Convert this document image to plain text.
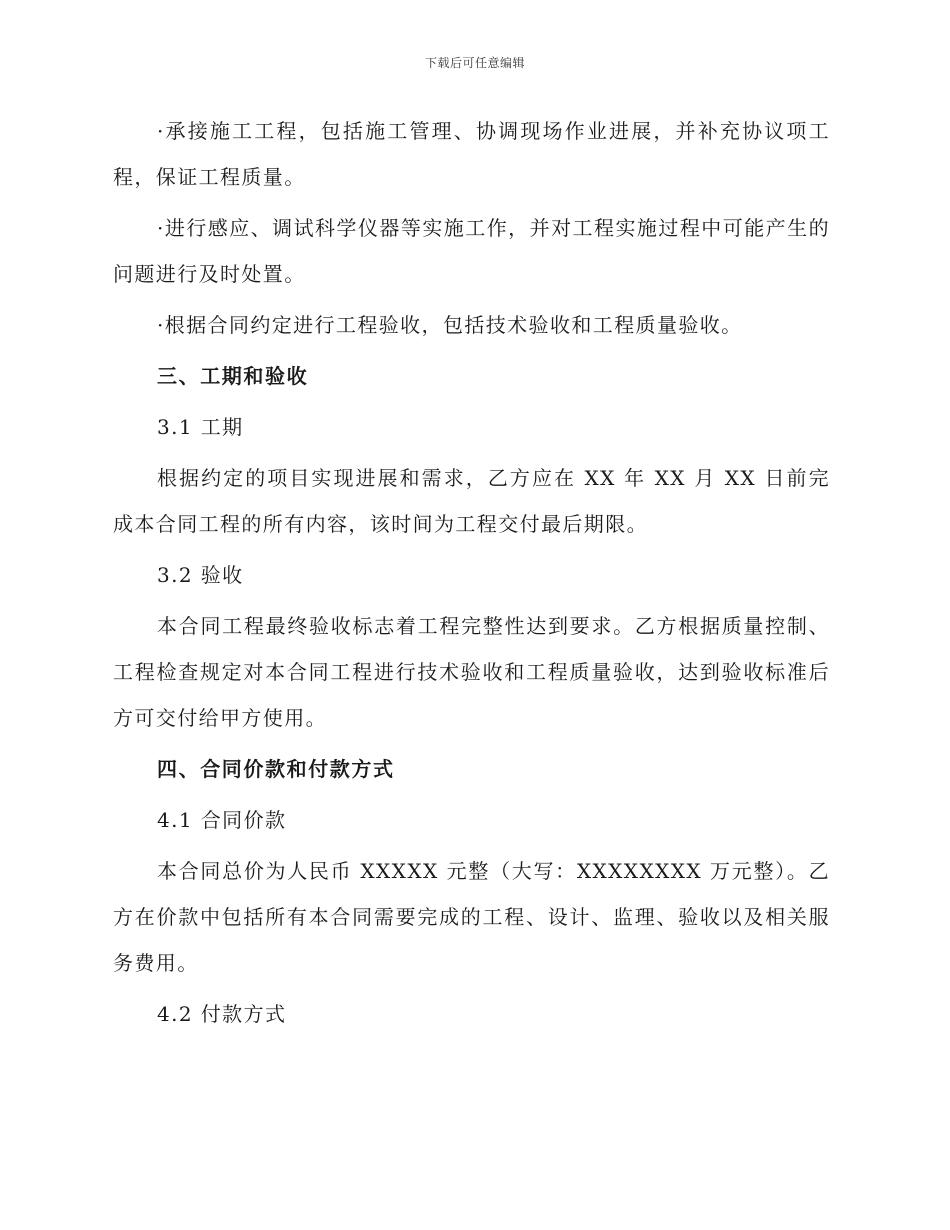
下载后可任意编辑

·承接施工工程，包括施工管理、协调现场作业进展，并补充协议项工程，保证工程质量。

·进行感应、调试科学仪器等实施工作，并对工程实施过程中可能产生的问题进行及时处置。

·根据合同约定进行工程验收，包括技术验收和工程质量验收。

三、工期和验收

3.1 工期

根据约定的项目实现进展和需求，乙方应在 XX 年 XX 月 XX 日前完成本合同工程的所有内容，该时间为工程交付最后期限。

3.2 验收

本合同工程最终验收标志着工程完整性达到要求。乙方根据质量控制、工程检查规定对本合同工程进行技术验收和工程质量验收，达到验收标准后方可交付给甲方使用。

四、合同价款和付款方式

4.1 合同价款

本合同总价为人民币 XXXXX 元整（大写：XXXXXXXX 万元整）。乙方在价款中包括所有本合同需要完成的工程、设计、监理、验收以及相关服务费用。

4.2 付款方式
